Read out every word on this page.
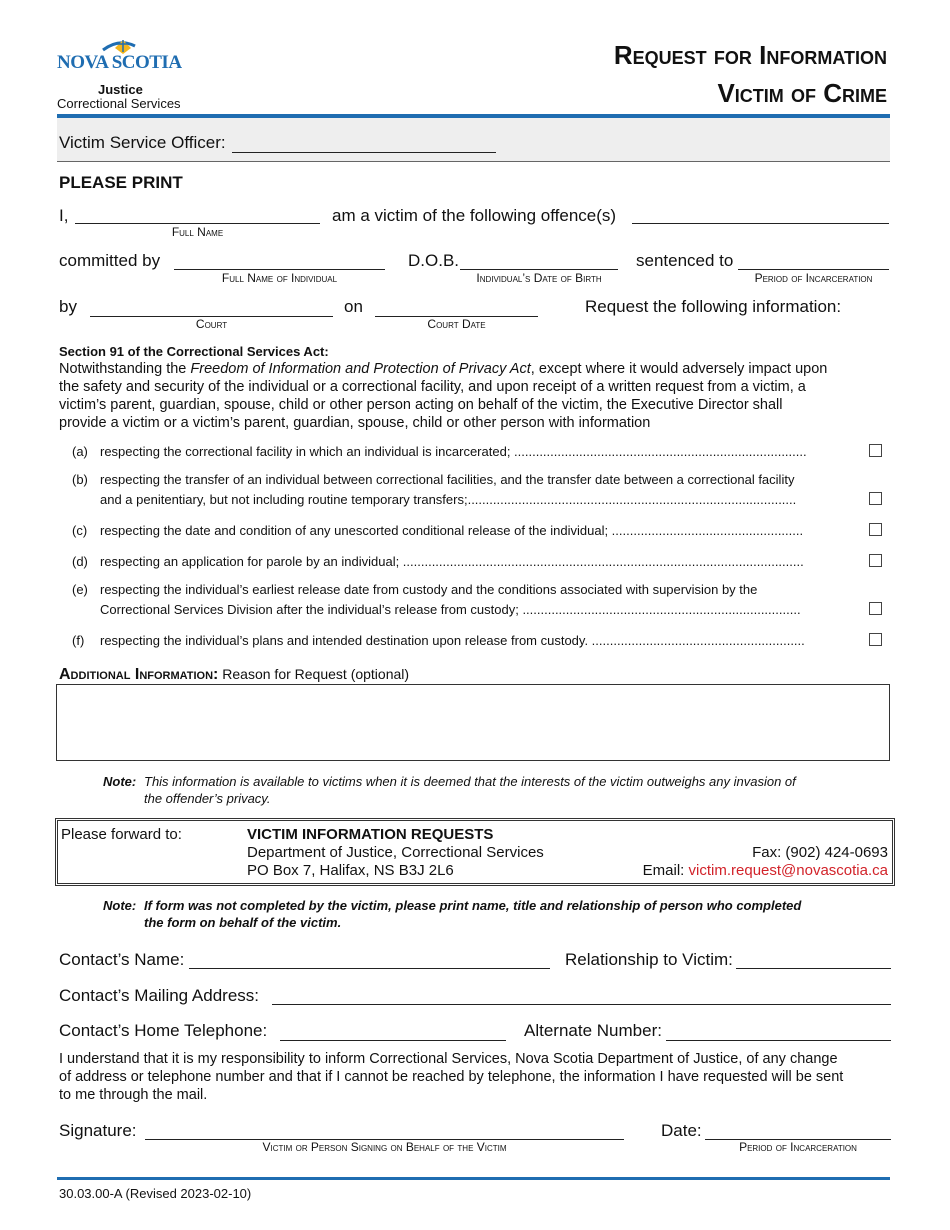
NOVA SCOTIA
Justice
Correctional Services
Request for Information
Victim of Crime
Victim Service Officer:
PLEASE PRINT
I,
Full Name
am a victim of the following offence(s)
committed by
Full Name of Individual
D.O.B.
Individual’s Date of Birth
sentenced to
Period of Incarceration
by
Court
on
Court Date
Request the following information:
Section 91 of the Correctional Services Act:
Notwithstanding the Freedom of Information and Protection of Privacy Act, except where it would adversely impact upon
the safety and security of the individual or a correctional facility, and upon receipt of a written request from a victim, a
victim’s parent, guardian, spouse, child or other person acting on behalf of the victim, the Executive Director shall
provide a victim or a victim’s parent, guardian, spouse, child or other person with information
(a) respecting the correctional facility in which an individual is incarcerated; .................................................................................
(b) respecting the transfer of an individual between correctional facilities, and the transfer date between a correctional facility
and a penitentiary, but not including routine temporary transfers;...........................................................................................
(c) respecting the date and condition of any unescorted conditional release of the individual; .....................................................
(d) respecting an application for parole by an individual; ...............................................................................................................
(e) respecting the individual’s earliest release date from custody and the conditions associated with supervision by the
Correctional Services Division after the individual’s release from custody; .............................................................................
(f) respecting the individual’s plans and intended destination upon release from custody. ...........................................................
Additional Information: Reason for Request (optional)
Note: This information is available to victims when it is deemed that the interests of the victim outweighs any invasion of
the offender’s privacy.
Please forward to:	VICTIM INFORMATION REQUESTS
Department of Justice, Correctional Services
PO Box 7, Halifax, NS B3J 2L6
Fax: (902) 424-0693
Email: victim.request@novascotia.ca
Note: If form was not completed by the victim, please print name, title and relationship of person who completed
the form on behalf of the victim.
Contact’s Name:	Relationship to Victim:
Contact’s Mailing Address:
Contact’s Home Telephone:	Alternate Number:
I understand that it is my responsibility to inform Correctional Services, Nova Scotia Department of Justice, of any change
of address or telephone number and that if I cannot be reached by telephone, the information I have requested will be sent
to me through the mail.
Signature:
Victim or Person Signing on Behalf of the Victim
Date:
Period of Incarceration
30.03.00-A (Revised 2023-02-10)
